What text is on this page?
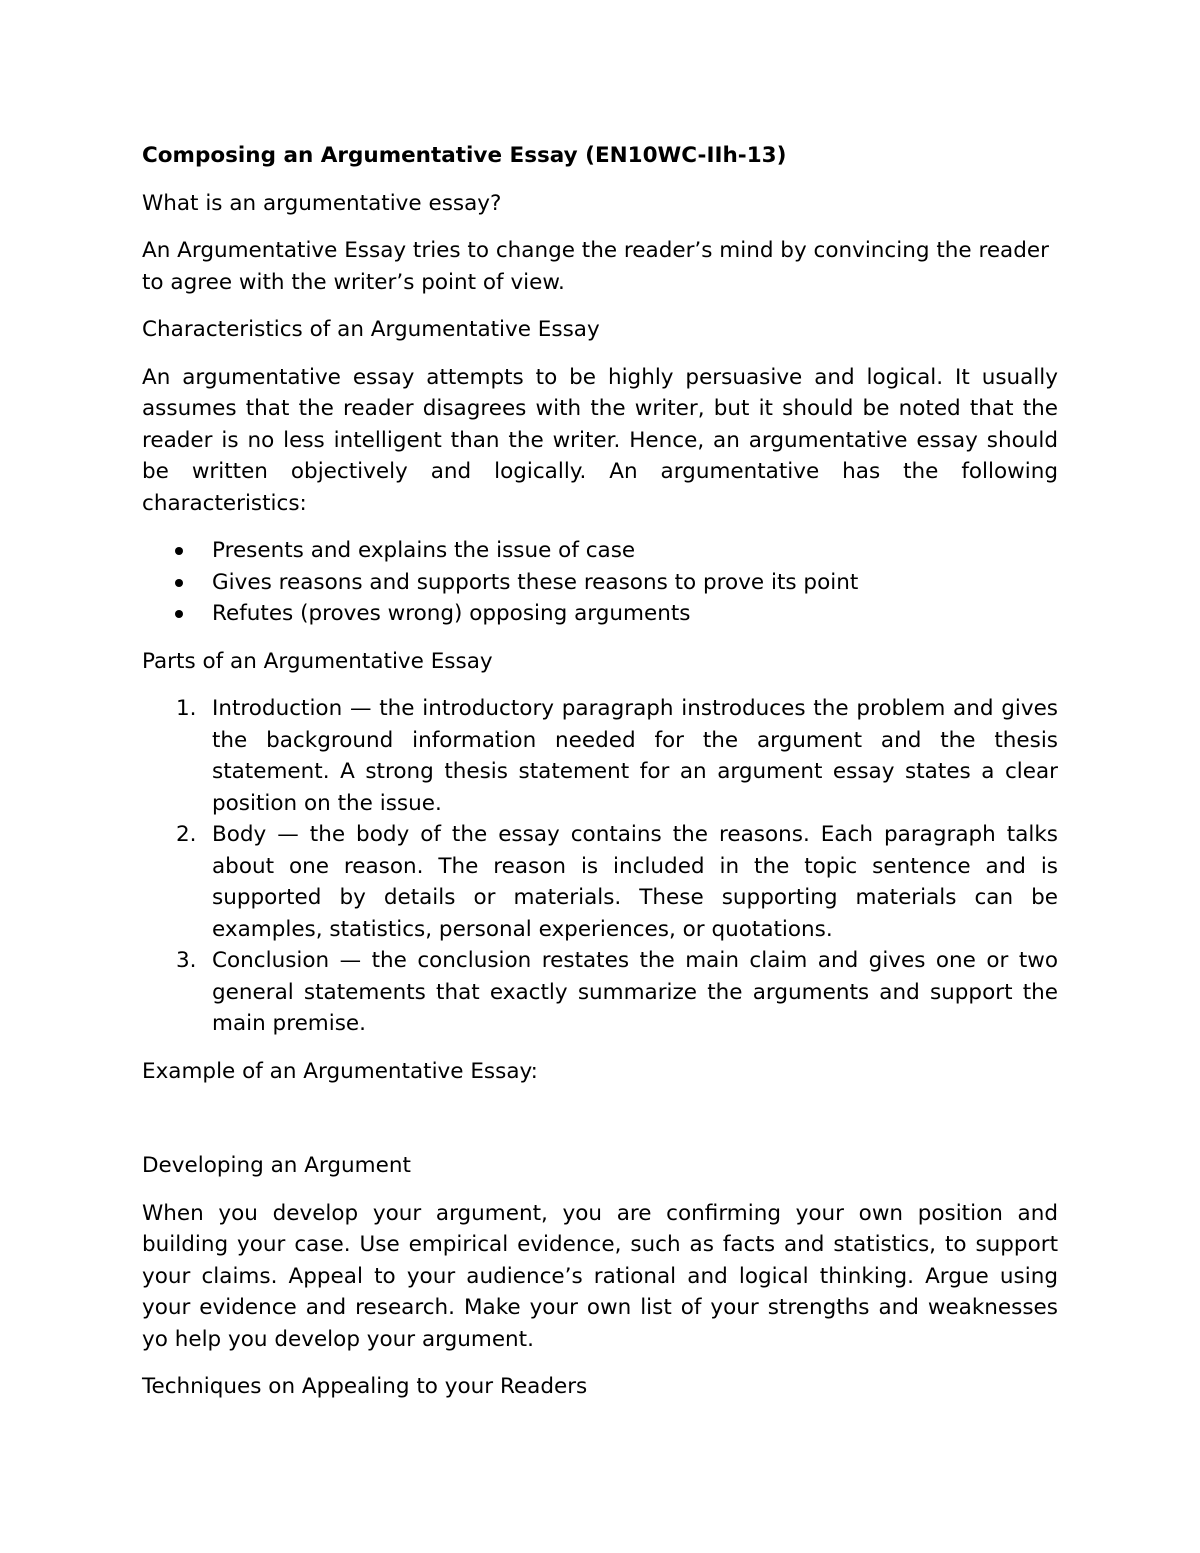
Composing an Argumentative Essay (EN10WC-IIh-13)

What is an argumentative essay?

An Argumentative Essay tries to change the reader’s mind by convincing the reader to agree with the writer’s point of view.

Characteristics of an Argumentative Essay

An argumentative essay attempts to be highly persuasive and logical. It usually assumes that the reader disagrees with the writer, but it should be noted that the reader is no less intelligent than the writer. Hence, an argumentative essay should be written objectively and logically. An argumentative has the following characteristics:

Presents and explains the issue of case
Gives reasons and supports these reasons to prove its point
Refutes (proves wrong) opposing arguments

Parts of an Argumentative Essay

1. Introduction — the introductory paragraph instroduces the problem and gives the background information needed for the argument and the thesis statement. A strong thesis statement for an argument essay states a clear position on the issue.
2. Body — the body of the essay contains the reasons. Each paragraph talks about one reason. The reason is included in the topic sentence and is supported by details or materials. These supporting materials can be examples, statistics, personal experiences, or quotations.
3. Conclusion — the conclusion restates the main claim and gives one or two general statements that exactly summarize the arguments and support the main premise.

Example of an Argumentative Essay:

Developing an Argument

When you develop your argument, you are confirming your own position and building your case. Use empirical evidence, such as facts and statistics, to support your claims. Appeal to your audience’s rational and logical thinking. Argue using your evidence and research. Make your own list of your strengths and weaknesses yo help you develop your argument.

Techniques on Appealing to your Readers
